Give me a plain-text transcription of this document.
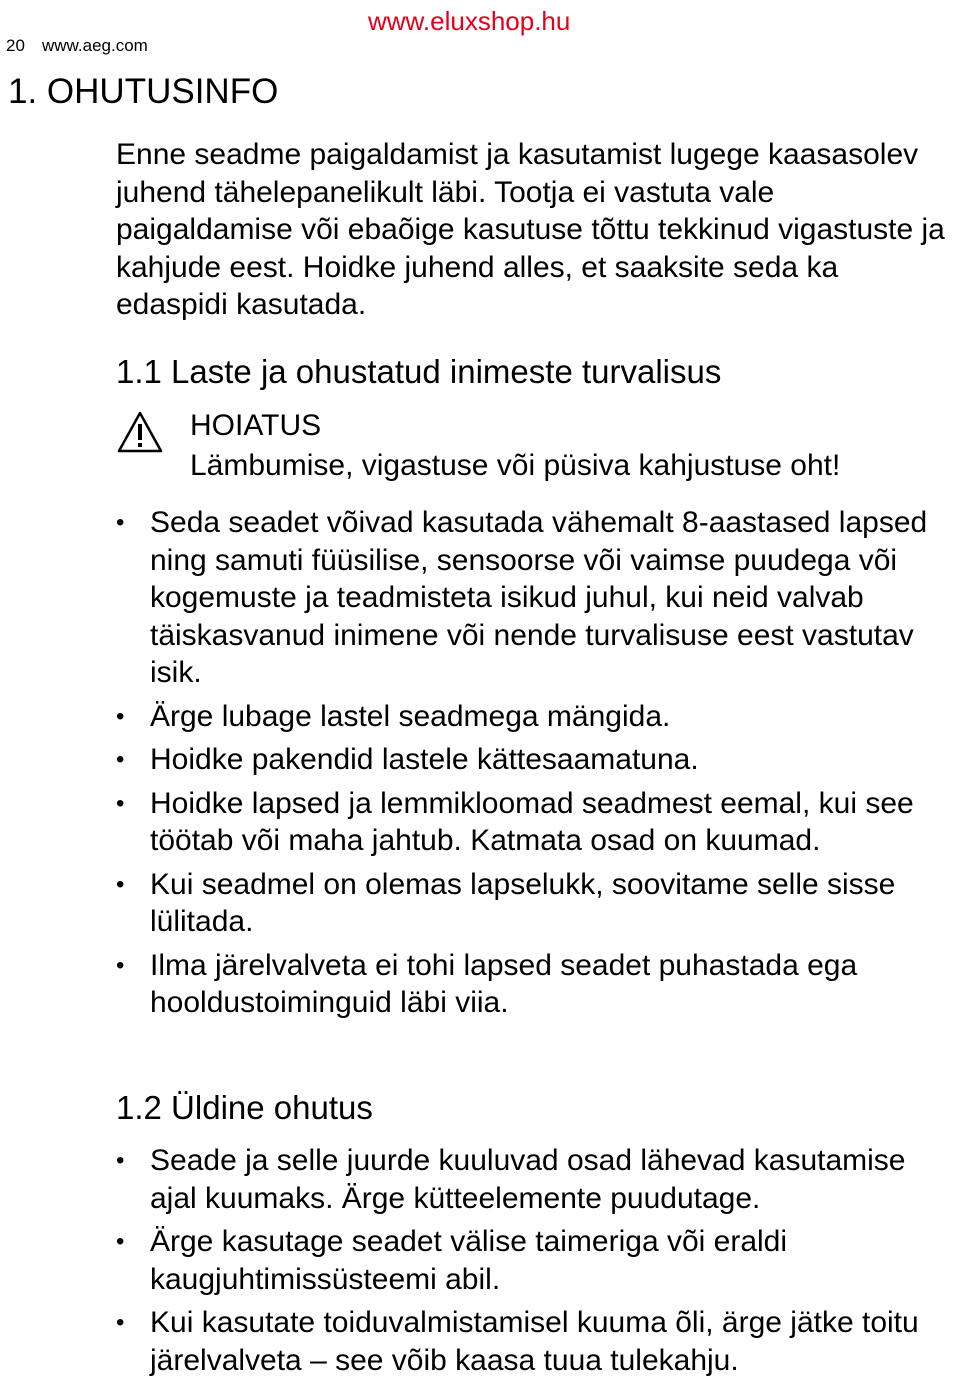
20 www.aeg.com
www.eluxshop.hu
1. OHUTUSINFO

Enne seadme paigaldamist ja kasutamist lugege kaasasolev juhend tähelepanelikult läbi. Tootja ei vastuta vale paigaldamise või ebaõige kasutuse tõttu tekkinud vigastuste ja kahjude eest. Hoidke juhend alles, et saaksite seda ka edaspidi kasutada.

1.1 Laste ja ohustatud inimeste turvalisus
HOIATUS
Lämbumise, vigastuse või püsiva kahjustuse oht!
• Seda seadet võivad kasutada vähemalt 8-aastased lapsed ning samuti füüsilise, sensoorse või vaimse puudega või kogemuste ja teadmisteta isikud juhul, kui neid valvab täiskasvanud inimene või nende turvalisuse eest vastutav isik.
• Ärge lubage lastel seadmega mängida.
• Hoidke pakendid lastele kättesaamatuna.
• Hoidke lapsed ja lemmikloomad seadmest eemal, kui see töötab või maha jahtub. Katmata osad on kuumad.
• Kui seadmel on olemas lapselukk, soovitame selle sisse lülitada.
• Ilma järelvalveta ei tohi lapsed seadet puhastada ega hooldustoiminguid läbi viia.
1.2 Üldine ohutus
• Seade ja selle juurde kuuluvad osad lähevad kasutamise ajal kuumaks. Ärge kütteelemente puudutage.
• Ärge kasutage seadet välise taimeriga või eraldi kaugjuhtimissüsteemi abil.
• Kui kasutate toiduvalmistamisel kuuma õli, ärge jätke toitu järelvalveta – see võib kaasa tuua tulekahju.
